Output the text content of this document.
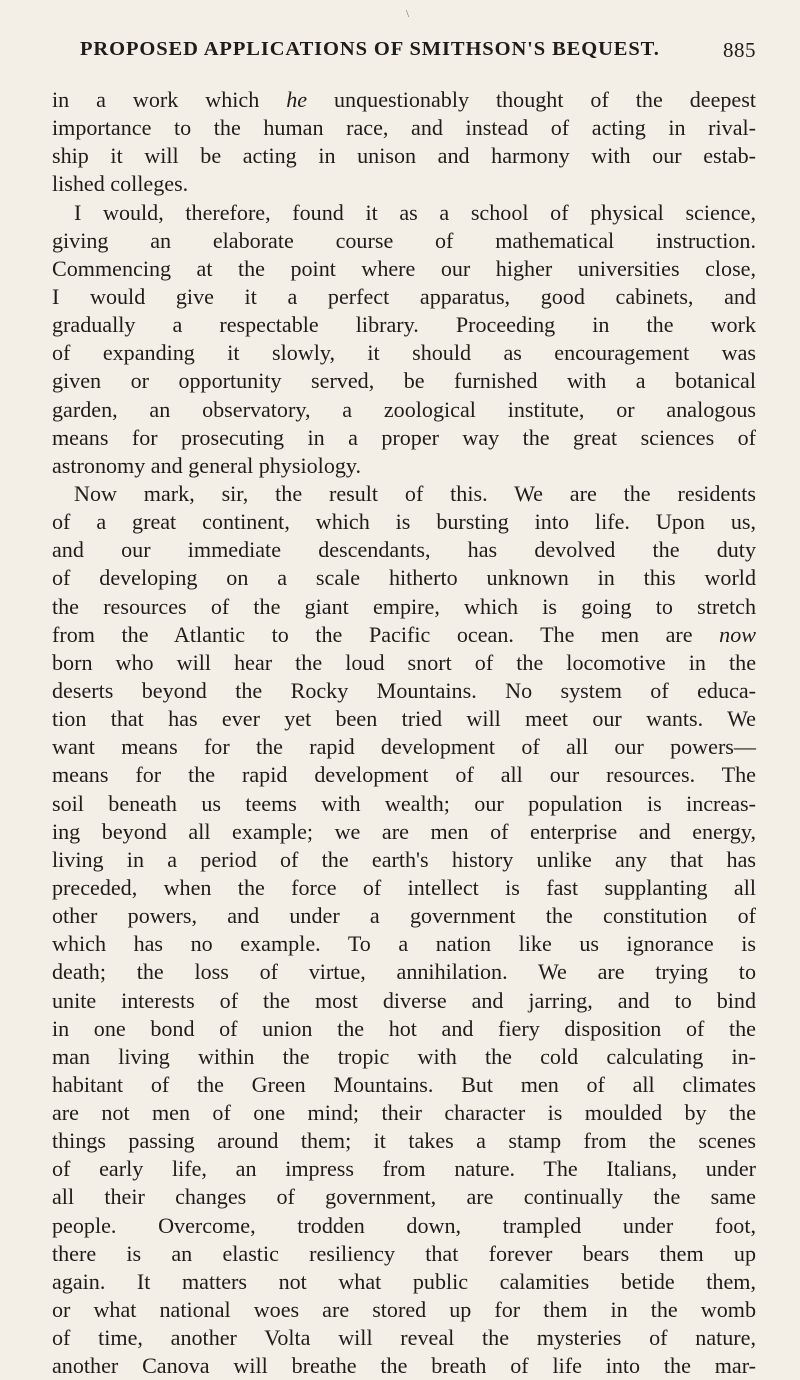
\
PROPOSED APPLICATIONS OF SMITHSON'S BEQUEST.	885
in a work which he unquestionably thought of the deepest
importance to the human race, and instead of acting in rival-
ship it will be acting in unison and harmony with our estab-
lished colleges.
I would, therefore, found it as a school of physical science,
giving an elaborate course of mathematical instruction.
Commencing at the point where our higher universities close,
I would give it a perfect apparatus, good cabinets, and
gradually a respectable library. Proceeding in the work
of expanding it slowly, it should as encouragement was
given or opportunity served, be furnished with a botanical
garden, an observatory, a zoological institute, or analogous
means for prosecuting in a proper way the great sciences of
astronomy and general physiology.
Now mark, sir, the result of this. We are the residents
of a great continent, which is bursting into life. Upon us,
and our immediate descendants, has devolved the duty
of developing on a scale hitherto unknown in this world
the resources of the giant empire, which is going to stretch
from the Atlantic to the Pacific ocean. The men are now
born who will hear the loud snort of the locomotive in the
deserts beyond the Rocky Mountains. No system of educa-
tion that has ever yet been tried will meet our wants. We
want means for the rapid development of all our powers—
means for the rapid development of all our resources. The
soil beneath us teems with wealth; our population is increas-
ing beyond all example; we are men of enterprise and energy,
living in a period of the earth's history unlike any that has
preceded, when the force of intellect is fast supplanting all
other powers, and under a government the constitution of
which has no example. To a nation like us ignorance is
death; the loss of virtue, annihilation. We are trying to
unite interests of the most diverse and jarring, and to bind
in one bond of union the hot and fiery disposition of the
man living within the tropic with the cold calculating in-
habitant of the Green Mountains. But men of all climates
are not men of one mind; their character is moulded by the
things passing around them; it takes a stamp from the scenes
of early life, an impress from nature. The Italians, under
all their changes of government, are continually the same
people. Overcome, trodden down, trampled under foot,
there is an elastic resiliency that forever bears them up
again. It matters not what public calamities betide them,
or what national woes are stored up for them in the womb
of time, another Volta will reveal the mysteries of nature,
another Canova will breathe the breath of life into the mar-
